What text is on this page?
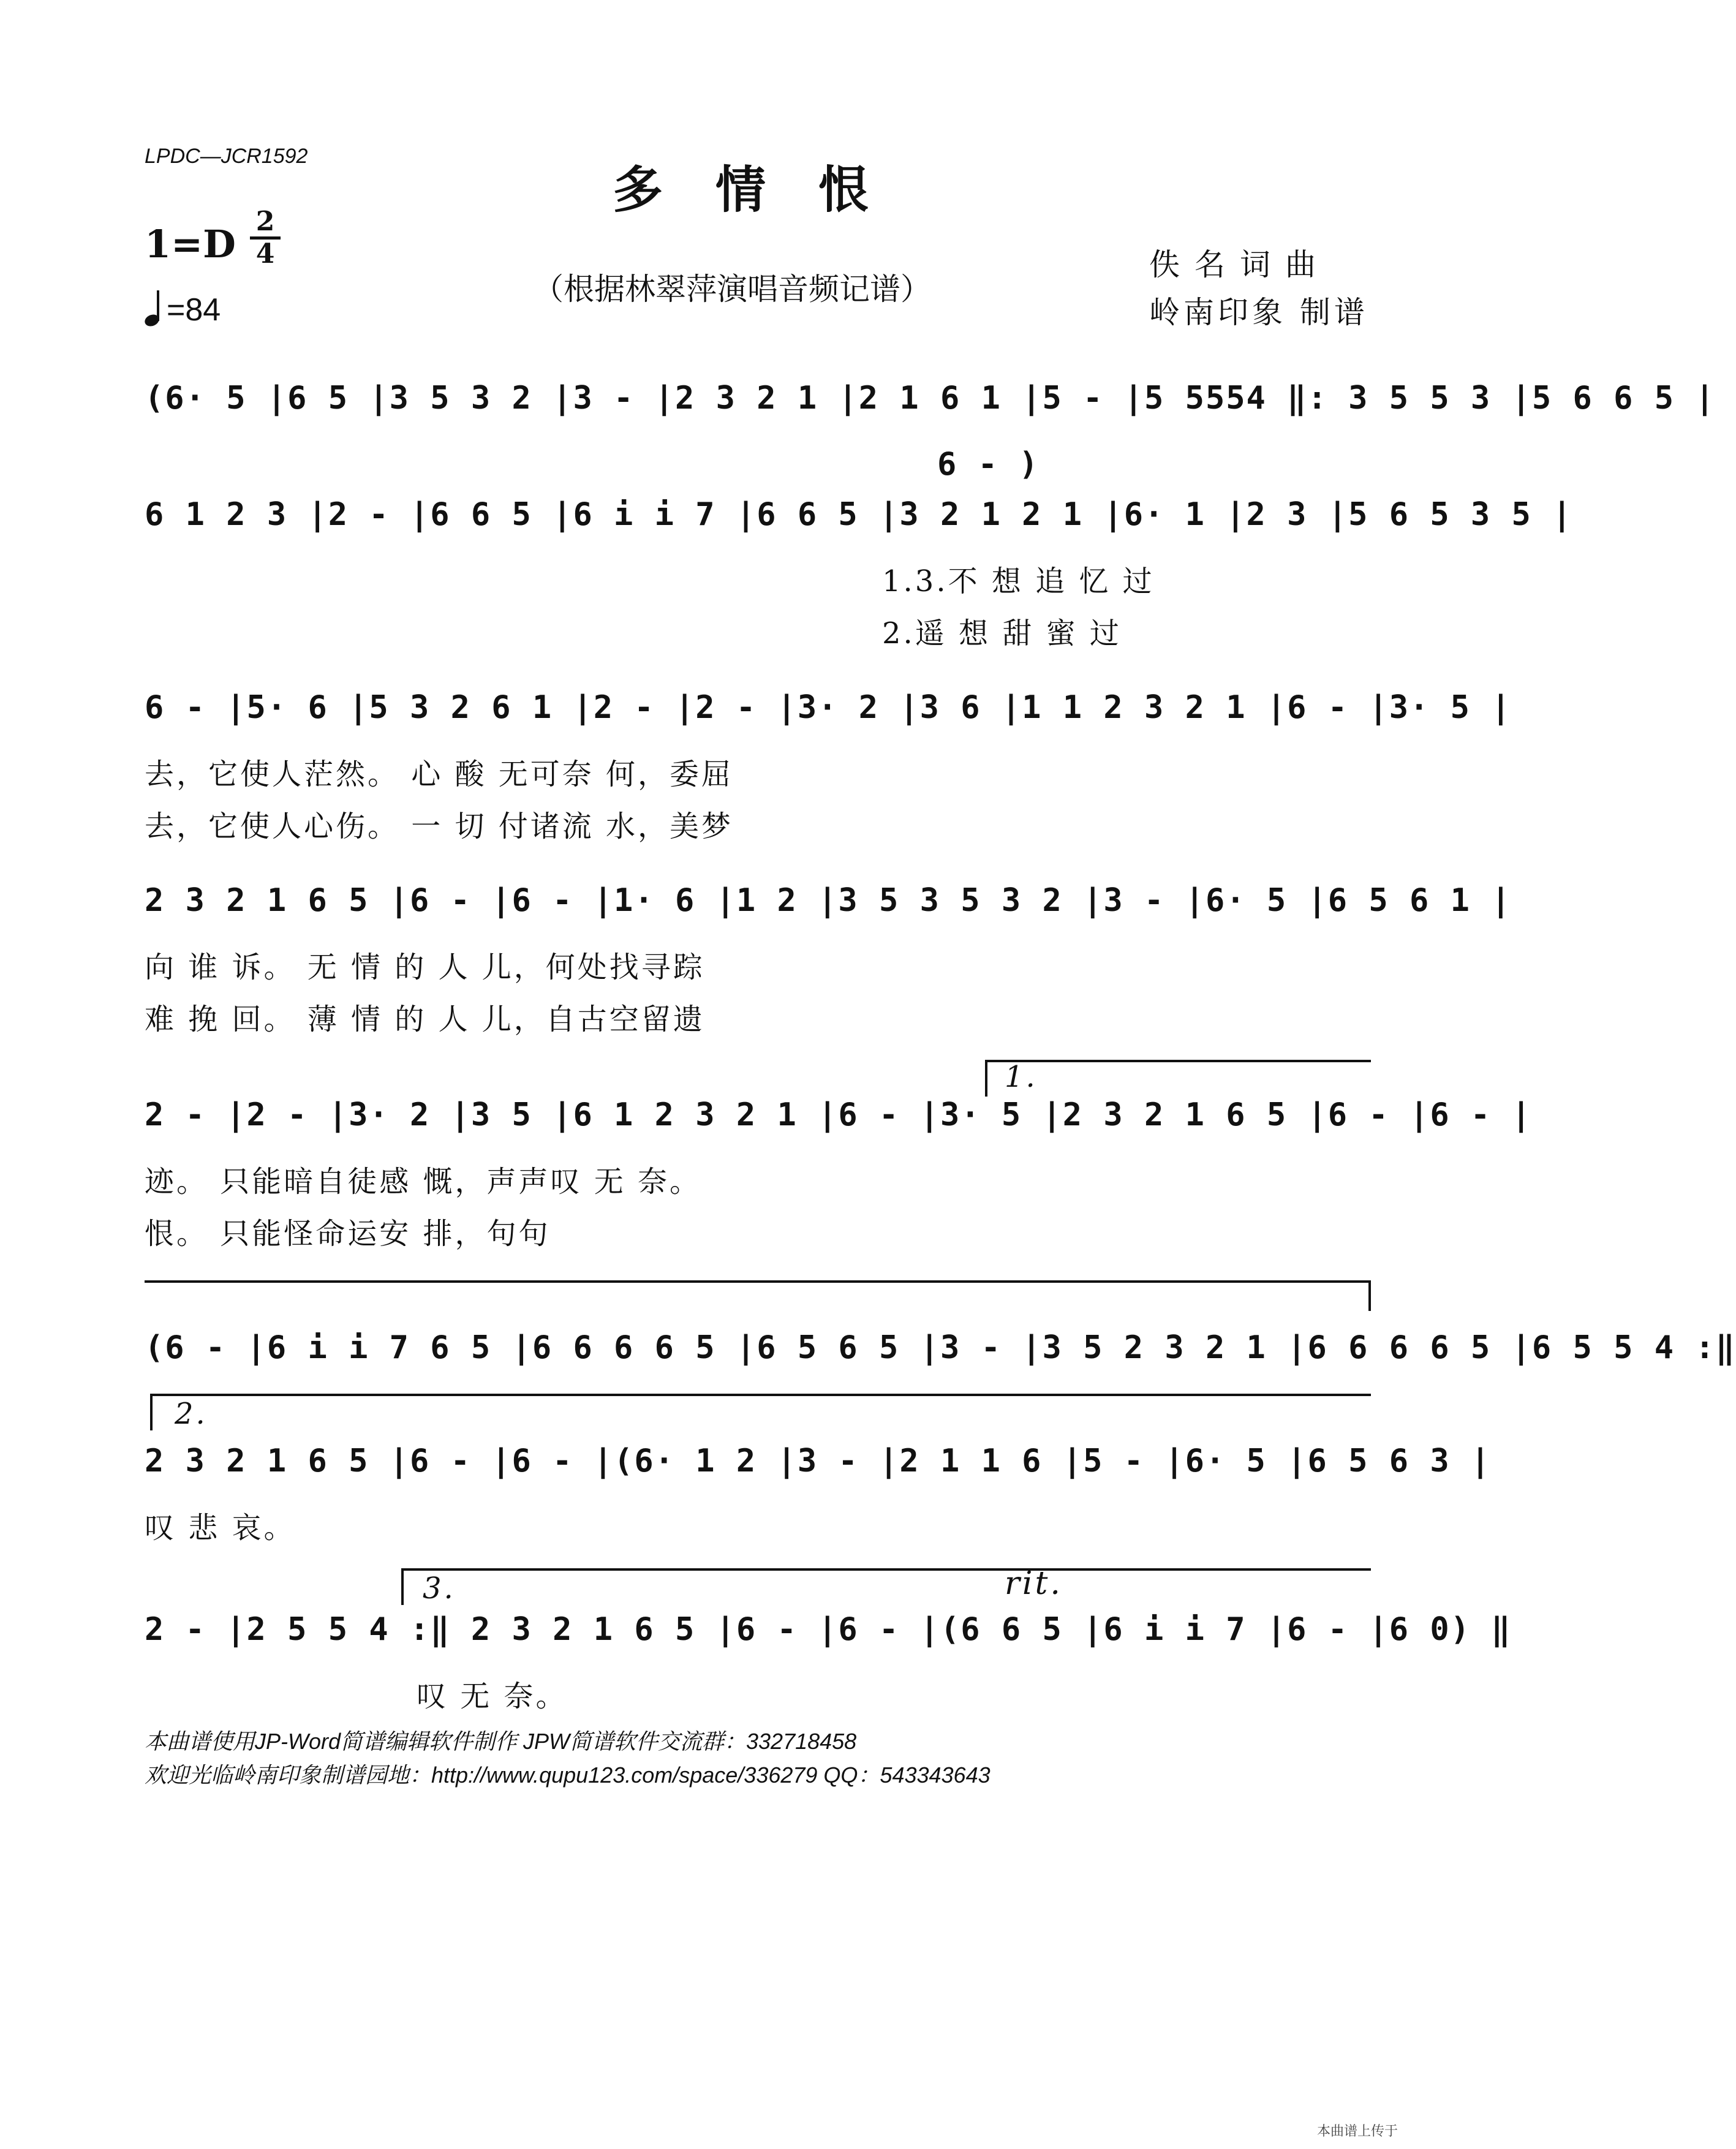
LPDC—JCR1592
多情恨
1=D
2
4
=84
（根据林翠萍演唱音频记谱）
佚名词曲
岭南印象 制谱
(6· 5 |6 5 |3 5 3 2 |3 - |2 3 2 1 |2 1 6 1 |5 - |5 5554 ‖: 3 5 5 3 |5 6 6 5 |
6 - )
6 1 2 3 |2 - |6 6 5 |6 i i 7 |6 6 5 |3 2 1 2 1 |6· 1 |2 3 |5 6 5 3 5 |
1.3.不 想 追 忆 过
2.遥 想 甜 蜜 过
6 - |5· 6 |5 3 2 6 1 |2 - |2 - |3· 2 |3 6 |1 1 2 3 2 1 |6 - |3· 5 |
去，它使人茫然。 心 酸 无可奈 何，委屈
去，它使人心伤。 一 切 付诸流 水，美梦
2 3 2 1 6 5 |6 - |6 - |1· 6 |1 2 |3 5 3 5 3 2 |3 - |6· 5 |6 5 6 1 |
向 谁 诉。 无 情 的 人 儿，何处找寻踪
难 挽 回。 薄 情 的 人 儿，自古空留遗
1.
2 - |2 - |3· 2 |3 5 |6 1 2 3 2 1 |6 - |3· 5 |2 3 2 1 6 5 |6 - |6 - |
迹。 只能暗自徒感 慨，声声叹 无 奈。
恨。 只能怪命运安 排，句句
(6 - |6 i i 7 6 5 |6 6 6 6 5 |6 5 6 5 |3 - |3 5 2 3 2 1 |6 6 6 6 5 |6 5 5 4 :‖
2.
2 3 2 1 6 5 |6 - |6 - |(6· 1 2 |3 - |2 1 1 6 |5 - |6· 5 |6 5 6 3 |
叹 悲 哀。
3.	rit.
2 - |2 5 5 4 :‖ 2 3 2 1 6 5 |6 - |6 - |(6 6 5 |6 i i 7 |6 - |6 0) ‖
叹 无 奈。
本曲谱使用JP-Word简谱编辑软件制作 JPW简谱软件交流群：332718458
欢迎光临岭南印象制谱园地：http://www.qupu123.com/space/336279 QQ：543343643
本曲谱上传于
